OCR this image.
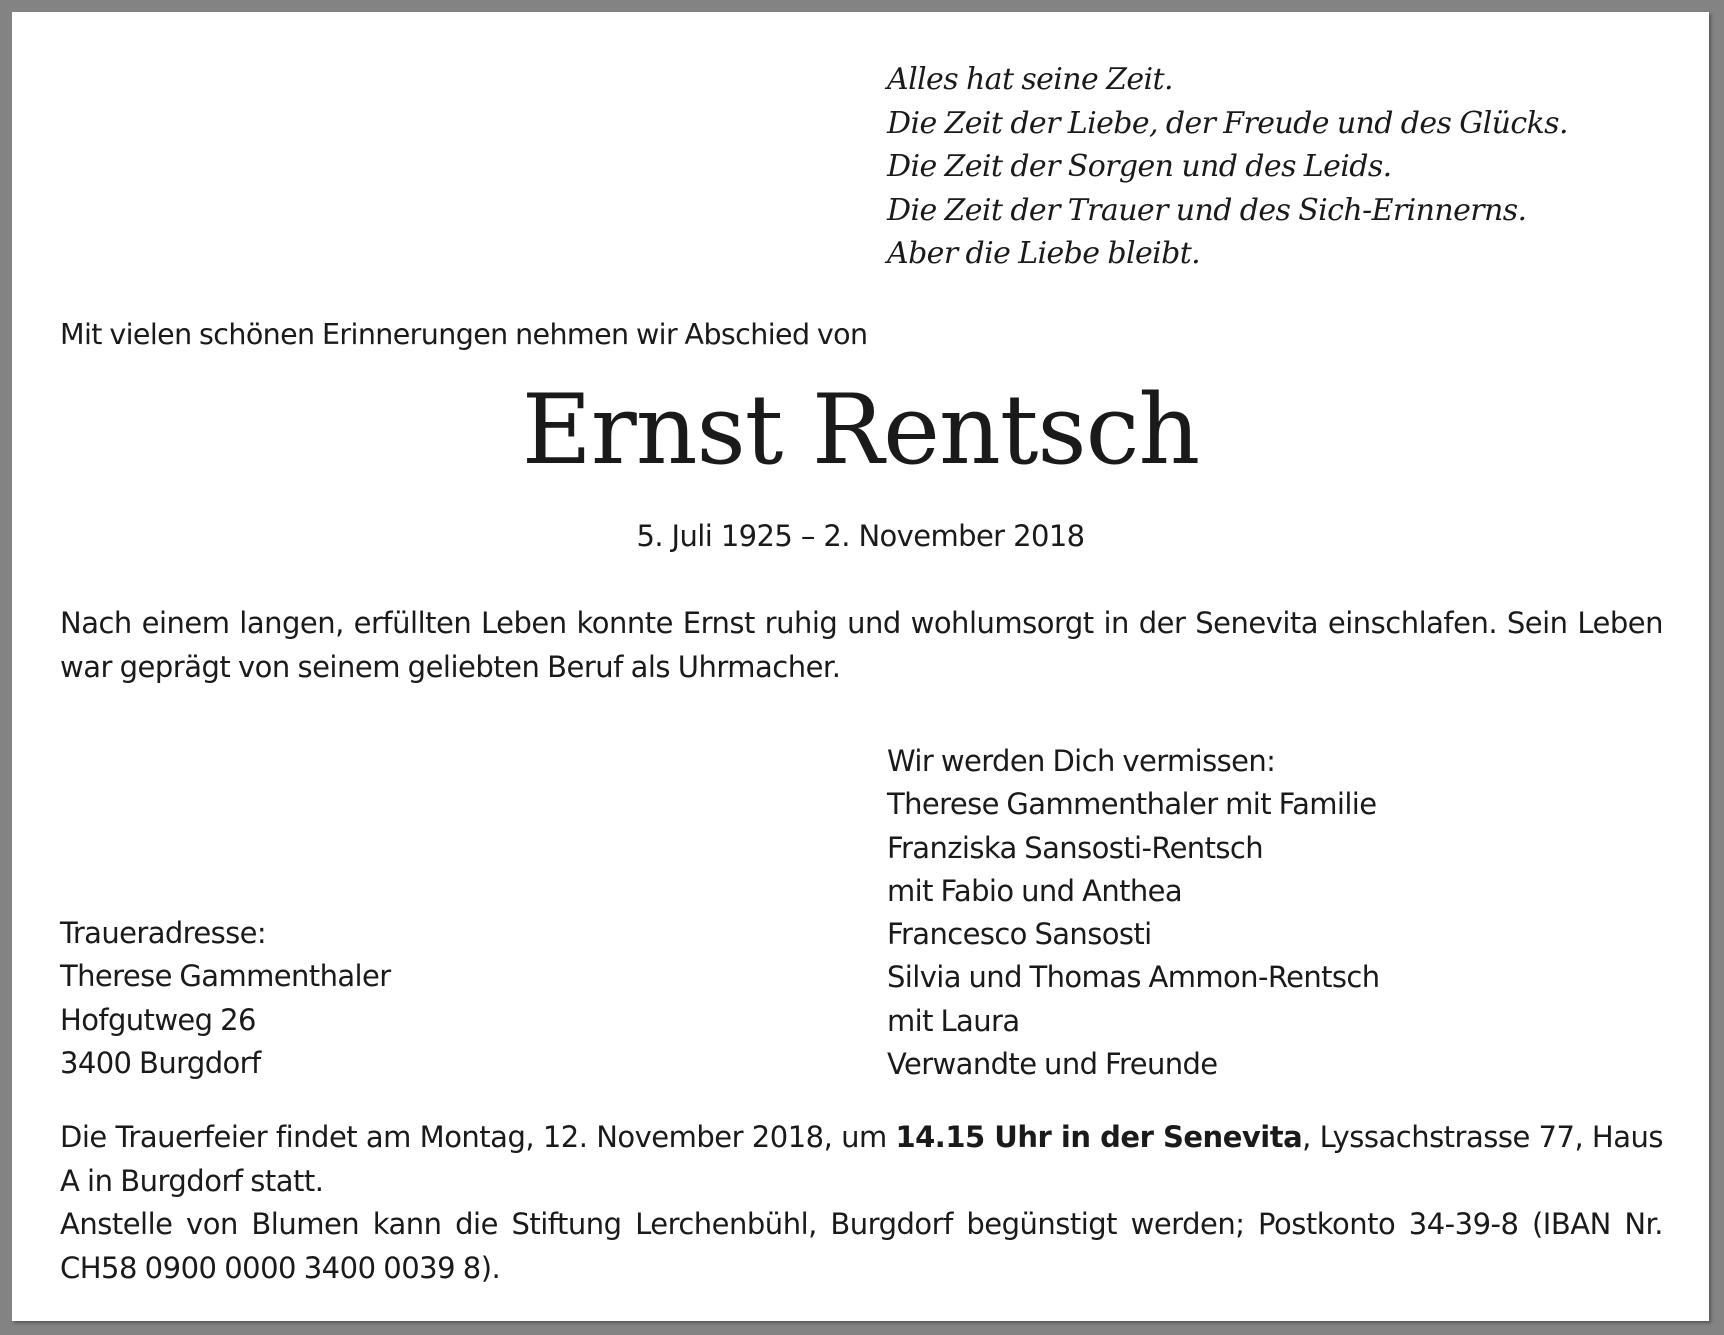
Alles hat seine Zeit.
Die Zeit der Liebe, der Freude und des Glücks.
Die Zeit der Sorgen und des Leids.
Die Zeit der Trauer und des Sich-Erinnerns.
Aber die Liebe bleibt.
Mit vielen schönen Erinnerungen nehmen wir Abschied von
Ernst Rentsch
5. Juli 1925 – 2. November 2018
Nach einem langen, erfüllten Leben konnte Ernst ruhig und wohlumsorgt in der Senevita einschlafen. Sein Leben war geprägt von seinem geliebten Beruf als Uhrmacher.
Wir werden Dich vermissen:
Therese Gammenthaler mit Familie
Franziska Sansosti-Rentsch
mit Fabio und Anthea
Francesco Sansosti
Silvia und Thomas Ammon-Rentsch
mit Laura
Verwandte und Freunde
Traueradresse:
Therese Gammenthaler
Hofgutweg 26
3400 Burgdorf
Die Trauerfeier findet am Montag, 12. November 2018, um 14.15 Uhr in der Senevita, Lyssachstrasse 77, Haus A in Burgdorf statt.
Anstelle von Blumen kann die Stiftung Lerchenbühl, Burgdorf begünstigt werden; Postkonto 34-39-8 (IBAN Nr. CH58 0900 0000 3400 0039 8).
